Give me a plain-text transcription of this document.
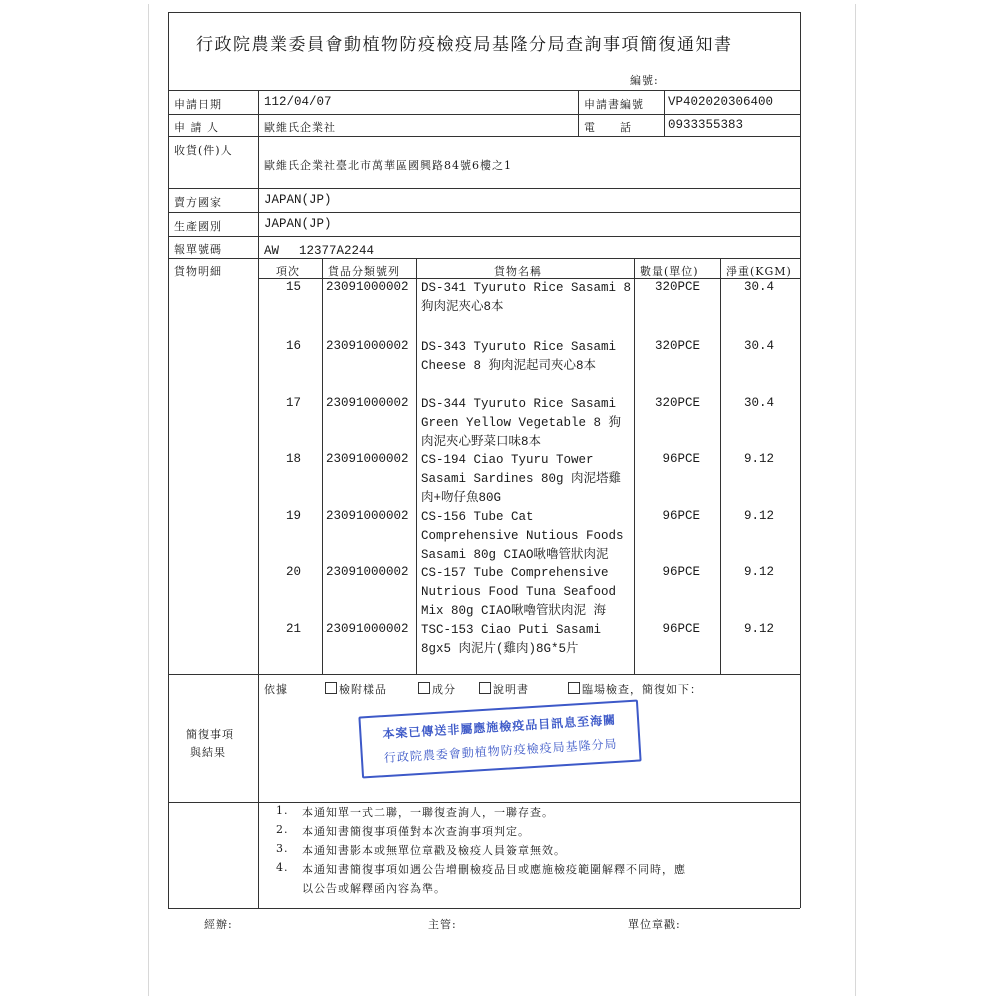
行政院農業委員會動植物防疫檢疫局基隆分局查詢事項簡復通知書
編號:
申請日期	112/04/07	申請書編號 VP402020306400
申 請 人	歐維氏企業社	電　　話	0933355383
收貨(件)人
歐維氏企業社臺北市萬華區國興路84號6樓之1
賣方國家	JAPAN(JP)
生產國別	JAPAN(JP)
報單號碼	AW　 12377A2244
貨物明細	項次	貨品分類號列	貨物名稱	數量(單位) 淨重(KGM)
15 23091000002 DS-341 Tyuruto Rice Sasami 8
狗肉泥夾心8本
320PCE	30.4
16 23091000002 DS-343 Tyuruto Rice Sasami
Cheese 8 狗肉泥起司夾心8本
320PCE	30.4
17 23091000002 DS-344 Tyuruto Rice Sasami
Green Yellow Vegetable 8 狗
肉泥夾心野菜口味8本
320PCE	30.4
18 23091000002 CS-194 Ciao Tyuru Tower
Sasami Sardines 80g 肉泥塔雞
肉+吻仔魚80G
96PCE	9.12
19 23091000002 CS-156 Tube Cat
Comprehensive Nutious Foods
Sasami 80g CIAO啾嚕管狀肉泥
96PCE	9.12
20 23091000002 CS-157 Tube Comprehensive
Nutrious Food Tuna Seafood
Mix 80g CIAO啾嚕管狀肉泥 海
96PCE	9.12
21 23091000002 TSC-153 Ciao Puti Sasami
8gx5 肉泥片(雞肉)8G*5片
96PCE	9.12
簡復事項
與結果
依據	檢附樣品	成分	說明書	臨場檢查，簡復如下：
本案已傳送非屬應施檢疫品目訊息至海關
行政院農委會動植物防疫檢疫局基隆分局
1. 本通知單一式二聯，一聯復查詢人，一聯存查。
2. 本通知書簡復事項僅對本次查詢事項判定。
3. 本通知書影本或無單位章戳及檢疫人員簽章無效。
4. 本通知書簡復事項如遇公告增刪檢疫品目或應施檢疫範圍解釋不同時，應
以公告或解釋函內容為準。
經辦:	主管:	單位章戳:
